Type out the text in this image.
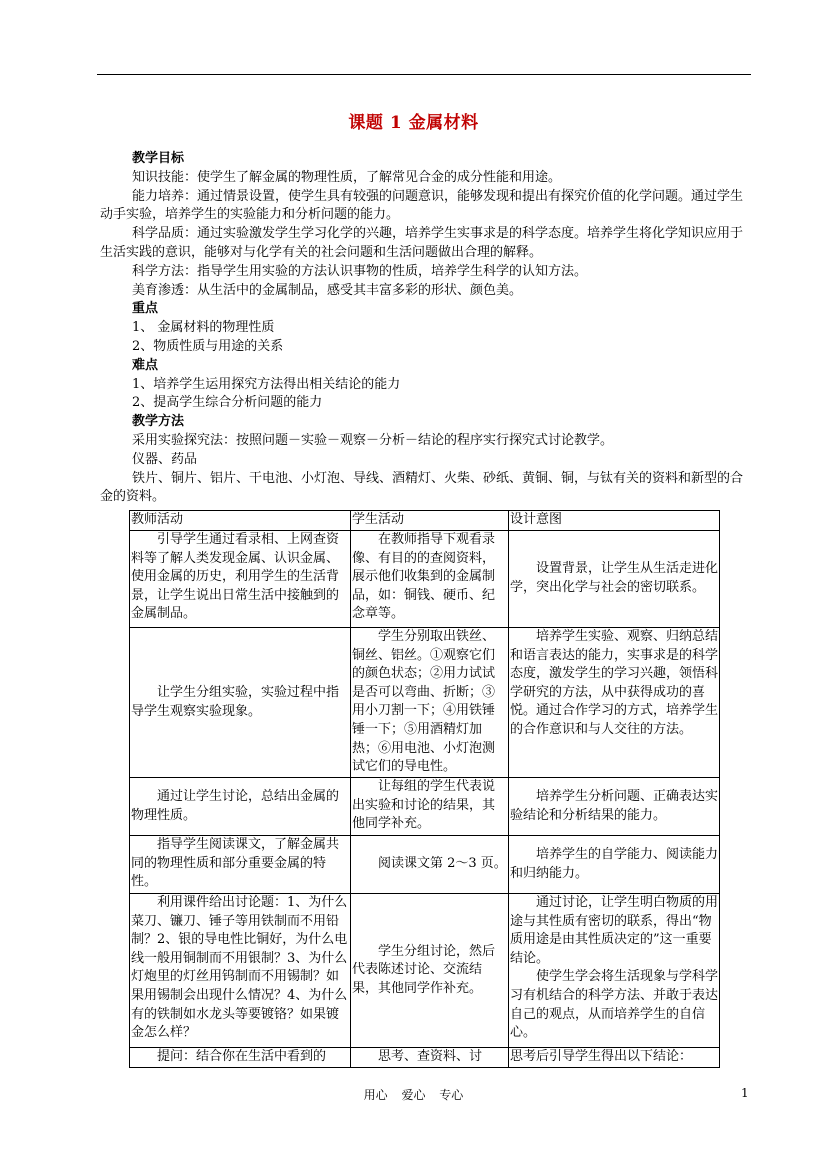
课题 1 金属材料

教学目标

知识技能：使学生了解金属的物理性质，了解常见合金的成分性能和用途。

能力培养：通过情景设置，使学生具有较强的问题意识，能够发现和提出有探究价值的化学问题。通过学生动手实验，培养学生的实验能力和分析问题的能力。

科学品质：通过实验激发学生学习化学的兴趣，培养学生实事求是的科学态度。培养学生将化学知识应用于生活实践的意识，能够对与化学有关的社会问题和生活问题做出合理的解释。

科学方法：指导学生用实验的方法认识事物的性质，培养学生科学的认知方法。

美育渗透：从生活中的金属制品，感受其丰富多彩的形状、颜色美。

重点

1、 金属材料的物理性质

2、物质性质与用途的关系

难点

1、培养学生运用探究方法得出相关结论的能力

2、提高学生综合分析问题的能力

教学方法

采用实验探究法：按照问题－实验－观察－分析－结论的程序实行探究式讨论教学。

仪器、药品

铁片、铜片、铝片、干电池、小灯泡、导线、酒精灯、火柴、砂纸、黄铜、铜，与钛有关的资料和新型的合金的资料。

教师活动	学生活动	设计意图

引导学生通过看录相、上网查资料等了解人类发现金属、认识金属、使用金属的历史，利用学生的生活背景，让学生说出日常生活中接触到的金属制品。	在教师指导下观看录像、有目的的查阅资料，展示他们收集到的金属制品，如：铜钱、硬币、纪念章等。	设置背景，让学生从生活走进化学，突出化学与社会的密切联系。

让学生分组实验，实验过程中指导学生观察实验现象。	学生分别取出铁丝、铜丝、铝丝。①观察它们的颜色状态；②用力试试是否可以弯曲、折断；③用小刀割一下；④用铁锤锤一下；⑤用酒精灯加热；⑥用电池、小灯泡测试它们的导电性。	培养学生实验、观察、归纳总结和语言表达的能力，实事求是的科学态度，激发学生的学习兴趣，领悟科学研究的方法，从中获得成功的喜悦。通过合作学习的方式，培养学生的合作意识和与人交往的方法。

通过让学生讨论，总结出金属的物理性质。	让每组的学生代表说出实验和讨论的结果，其他同学补充。	培养学生分析问题、正确表达实验结论和分析结果的能力。

指导学生阅读课文，了解金属共同的物理性质和部分重要金属的特性。	阅读课文第 2～3 页。	培养学生的自学能力、阅读能力和归纳能力。

利用课件给出讨论题：1、为什么菜刀、镰刀、锤子等用铁制而不用铅制？2、银的导电性比铜好，为什么电线一般用铜制而不用银制？3、为什么灯炮里的灯丝用钨制而不用锡制？如果用锡制会出现什么情况？4、为什么有的铁制如水龙头等要镀铬？如果镀金怎么样？	学生分组讨论，然后代表陈述讨论、交流结果，其他同学作补充。	通过讨论，让学生明白物质的用途与其性质有密切的联系，得出“物质用途是由其性质决定的”这一重要结论。
使学生学会将生活现象与学科学习有机结合的科学方法、并敢于表达自己的观点，从而培养学生的自信心。

提问：结合你在生活中看到的	思考、查资料、讨	思考后引导学生得出以下结论：
用心 爱心 专心	1
